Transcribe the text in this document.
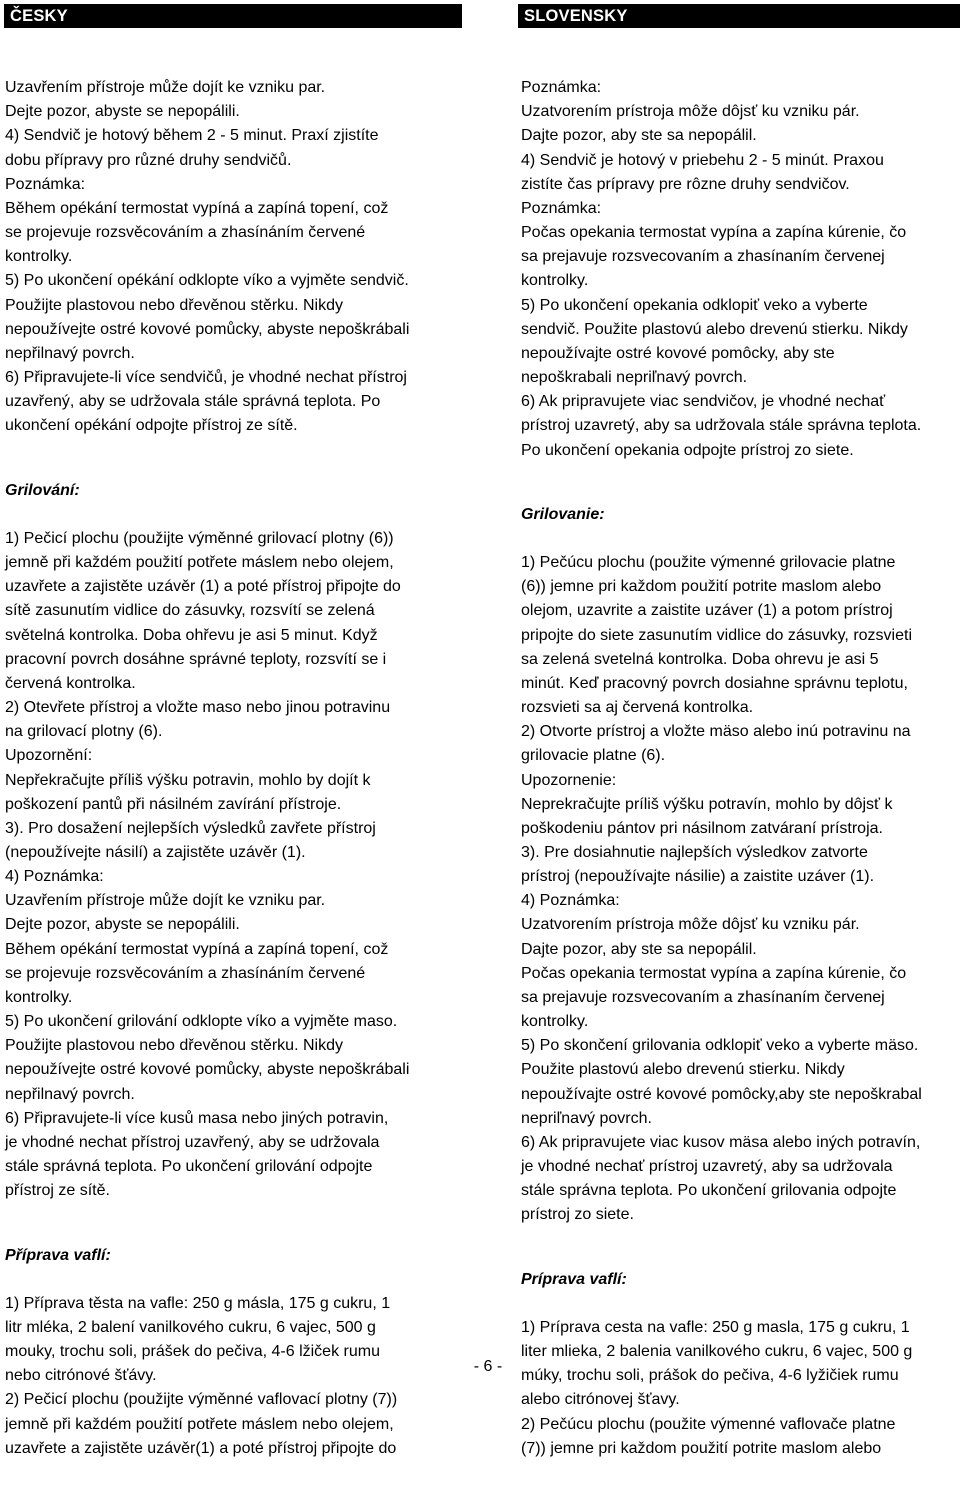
ČESKY

Uzavřením přístroje může dojít ke vzniku par.
Dejte pozor, abyste se nepopálili.
4) Sendvič je hotový během 2 - 5 minut. Praxí zjistíte
dobu přípravy pro různé druhy sendvičů.
Poznámka:
Během opékání termostat vypíná a zapíná topení, což
se projevuje rozsvěcováním a zhasínáním červené
kontrolky.
5) Po ukončení opékání odklopte víko a vyjměte sendvič.
Použijte plastovou nebo dřevěnou stěrku. Nikdy
nepoužívejte ostré kovové pomůcky, abyste nepoškrábali
nepřilnavý povrch.
6) Připravujete-li více sendvičů, je vhodné nechat přístroj
uzavřený, aby se udržovala stále správná teplota. Po
ukončení opékání odpojte přístroj ze sítě.

Grilování:

1) Pečicí plochu (použijte výměnné grilovací plotny (6))
jemně při každém použití potřete máslem nebo olejem,
uzavřete a zajistěte uzávěr (1) a poté přístroj připojte do
sítě zasunutím vidlice do zásuvky, rozsvítí se zelená
světelná kontrolka. Doba ohřevu je asi 5 minut. Když
pracovní povrch dosáhne správné teploty, rozsvítí se i
červená kontrolka.
2) Otevřete přístroj a vložte maso nebo jinou potravinu
na grilovací plotny (6).
Upozornění:
Nepřekračujte příliš výšku potravin, mohlo by dojít k
poškození pantů při násilném zavírání přístroje.
3). Pro dosažení nejlepších výsledků zavřete přístroj
(nepoužívejte násilí) a zajistěte uzávěr (1).
4) Poznámka:
Uzavřením přístroje může dojít ke vzniku par.
Dejte pozor, abyste se nepopálili.
Během opékání termostat vypíná a zapíná topení, což
se projevuje rozsvěcováním a zhasínáním červené
kontrolky.
5) Po ukončení grilování odklopte víko a vyjměte maso.
Použijte plastovou nebo dřevěnou stěrku. Nikdy
nepoužívejte ostré kovové pomůcky, abyste nepoškrábali
nepřilnavý povrch.
6) Připravujete-li více kusů masa nebo jiných potravin,
je vhodné nechat přístroj uzavřený, aby se udržovala
stále správná teplota. Po ukončení grilování odpojte
přístroj ze sítě.

Příprava vaflí:

1) Příprava těsta na vafle: 250 g másla, 175 g cukru, 1
litr mléka, 2 balení vanilkového cukru, 6 vajec, 500 g
mouky, trochu soli, prášek do pečiva, 4-6 lžiček rumu
nebo citrónové šťávy.
2) Pečicí plochu (použijte výměnné vaflovací plotny (7))
jemně při každém použití potřete máslem nebo olejem,
uzavřete a zajistěte uzávěr(1) a poté přístroj připojte do

SLOVENSKY

Poznámka:
Uzatvorením prístroja môže dôjsť ku vzniku pár.
Dajte pozor, aby ste sa nepopálil.
4) Sendvič je hotový v priebehu 2 - 5 minút. Praxou
zistíte čas prípravy pre rôzne druhy sendvičov.
Poznámka:
Počas opekania termostat vypína a zapína kúrenie, čo
sa prejavuje rozsvecovaním a zhasínaním červenej
kontrolky.
5) Po ukončení opekania odklopiť veko a vyberte
sendvič. Použite plastovú alebo drevenú stierku. Nikdy
nepoužívajte ostré kovové pomôcky, aby ste
nepoškrabali nepriľnavý povrch.
6) Ak pripravujete viac sendvičov, je vhodné nechať
prístroj uzavretý, aby sa udržovala stále správna teplota.
Po ukončení opekania odpojte prístroj zo siete.

Grilovanie:

1) Pečúcu plochu (použite výmenné grilovacie platne
(6)) jemne pri každom použití potrite maslom alebo
olejom, uzavrite a zaistite uzáver (1) a potom prístroj
pripojte do siete zasunutím vidlice do zásuvky, rozsvieti
sa zelená svetelná kontrolka. Doba ohrevu je asi 5
minút. Keď pracovný povrch dosiahne správnu teplotu,
rozsvieti sa aj červená kontrolka.
2) Otvorte prístroj a vložte mäso alebo inú potravinu na
grilovacie platne (6).
Upozornenie:
Neprekračujte príliš výšku potravín, mohlo by dôjsť k
poškodeniu pántov pri násilnom zatváraní prístroja.
3). Pre dosiahnutie najlepších výsledkov zatvorte
prístroj (nepoužívajte násilie) a zaistite uzáver (1).
4) Poznámka:
Uzatvorením prístroja môže dôjsť ku vzniku pár.
Dajte pozor, aby ste sa nepopálil.
Počas opekania termostat vypína a zapína kúrenie, čo
sa prejavuje rozsvecovaním a zhasínaním červenej
kontrolky.
5) Po skončení grilovania odklopiť veko a vyberte mäso.
Použite plastovú alebo drevenú stierku. Nikdy
nepoužívajte ostré kovové pomôcky,aby ste nepoškrabal
nepriľnavý povrch.
6) Ak pripravujete viac kusov mäsa alebo iných potravín,
je vhodné nechať prístroj uzavretý, aby sa udržovala
stále správna teplota. Po ukončení grilovania odpojte
prístroj zo siete.

Príprava vaflí:

1) Príprava cesta na vafle: 250 g masla, 175 g cukru, 1
liter mlieka, 2 balenia vanilkového cukru, 6 vajec, 500 g
múky, trochu soli, prášok do pečiva, 4-6 lyžičiek rumu
alebo citrónovej šťavy.
2) Pečúcu plochu (použite výmenné vaflovače platne
(7)) jemne pri každom použití potrite maslom alebo

- 6 -
